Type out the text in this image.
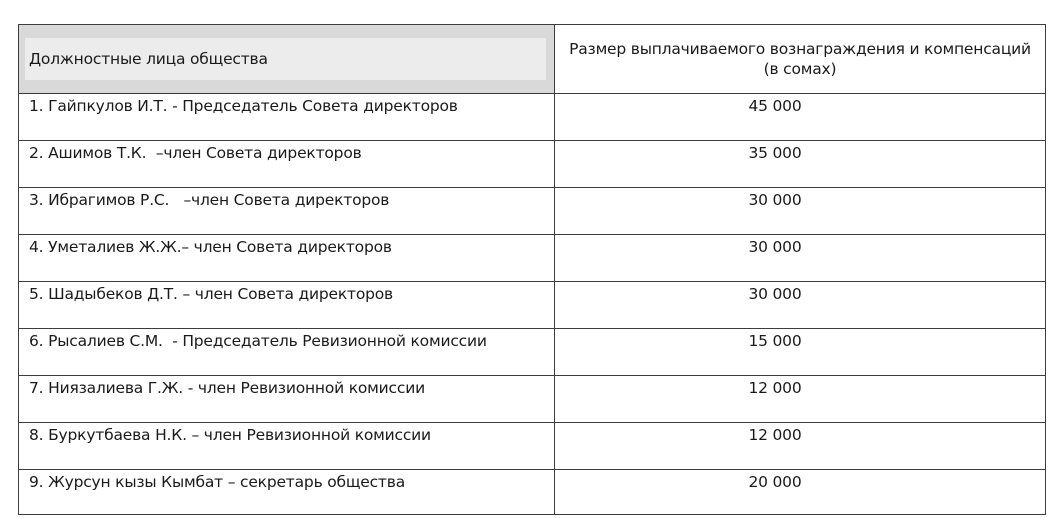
Должностные лица общества	Размер выплачиваемого вознаграждения и компенсаций
(в сомах)
1. Гайпкулов И.Т. - Председатель Совета директоров	45 000
2. Ашимов Т.К.  –член Совета директоров	35 000
3. Ибрагимов Р.С.   –член Совета директоров	30 000
4. Уметалиев Ж.Ж.– член Совета директоров	30 000
5. Шадыбеков Д.Т. – член Совета директоров	30 000
6. Рысалиев С.М.  - Председатель Ревизионной комиссии	15 000
7. Ниязалиева Г.Ж. - член Ревизионной комиссии	12 000
8. Буркутбаева Н.К. – член Ревизионной комиссии	12 000
9. Журсун кызы Кымбат – секретарь общества	20 000
